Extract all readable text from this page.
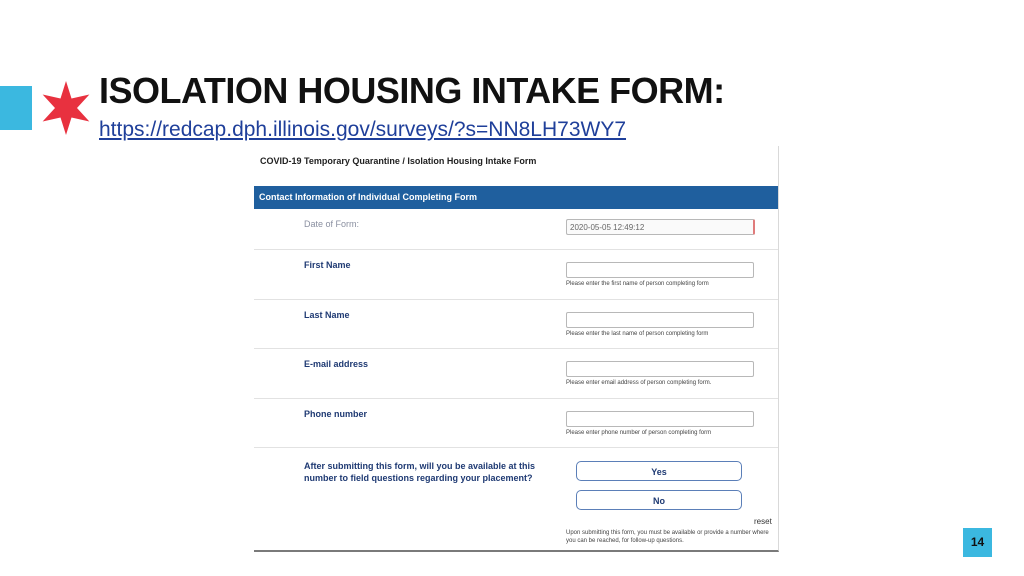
ISOLATION HOUSING INTAKE FORM:
https://redcap.dph.illinois.gov/surveys/?s=NN8LH73WY7
COVID-19 Temporary Quarantine / Isolation Housing Intake Form
Contact Information of Individual Completing Form
Date of Form:
2020-05-05 12:49:12
First Name
Please enter the first name of person completing form
Last Name
Please enter the last name of person completing form
E-mail address
Please enter email address of person completing form.
Phone number
Please enter phone number of person completing form
After submitting this form, will you be available at this number to field questions regarding your placement?
Yes
No
reset
Upon submitting this form, you must be available or provide a number where you can be reached, for follow-up questions.	14
